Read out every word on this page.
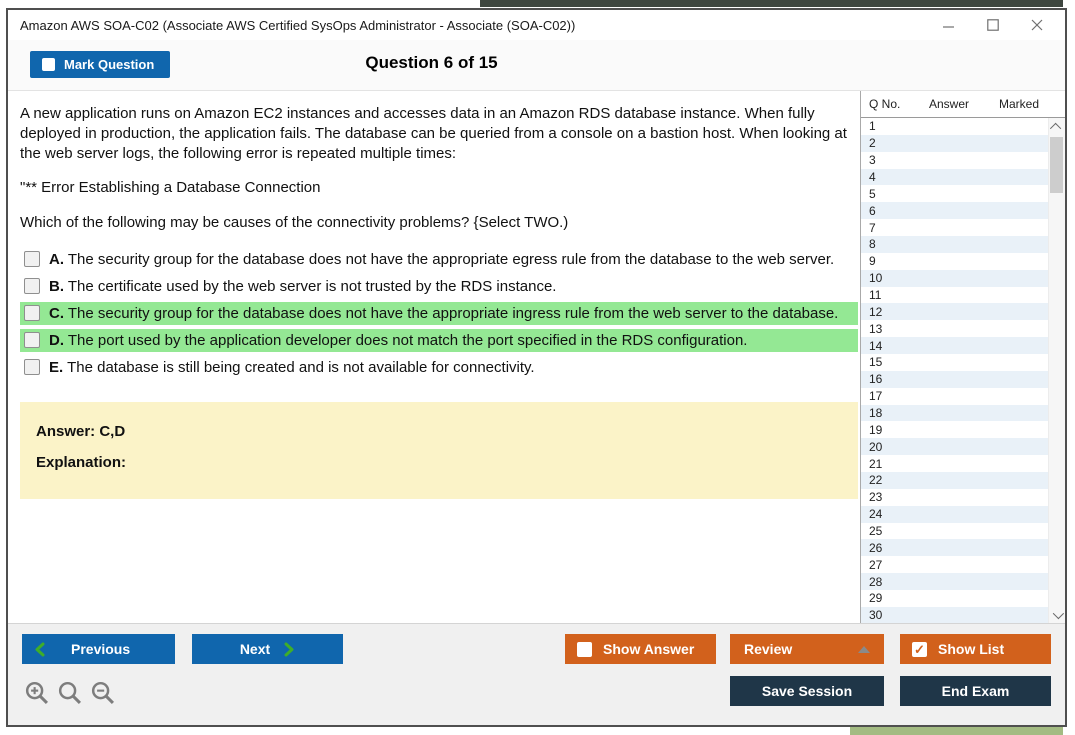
Amazon AWS SOA-C02 (Associate AWS Certified SysOps Administrator - Associate (SOA-C02))
Mark Question	Question 6 of 15

A new application runs on Amazon EC2 instances and accesses data in an Amazon RDS database instance. When fully deployed in production, the application fails. The database can be queried from a console on a bastion host. When looking at the web server logs, the following error is repeated multiple times:

"** Error Establishing a Database Connection

Which of the following may be causes of the connectivity problems? {Select TWO.)

A. The security group for the database does not have the appropriate egress rule from the database to the web server.
B. The certificate used by the web server is not trusted by the RDS instance.
C. The security group for the database does not have the appropriate ingress rule from the web server to the database.
D. The port used by the application developer does not match the port specified in the RDS configuration.
E. The database is still being created and is not available for connectivity.
Answer: C,D
Explanation:
Q No.	Answer	Marked
1
2
3
4
5
6
7
8
9
10
11
12
13
14
15
16
17
18
19
20
21
22
23
24
25
26
27
28
29
30
Previous	Next	Show Answer	Review	✓ Show List
Save Session	End Exam
